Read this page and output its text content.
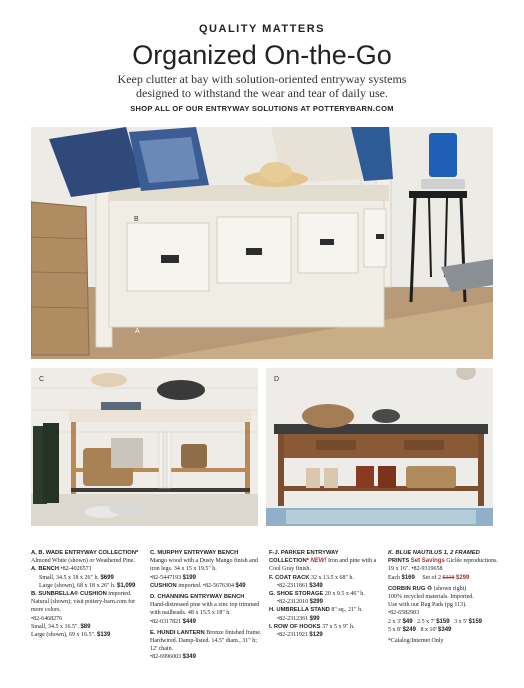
QUALITY MATTERS
Organized On-the-Go
Keep clutter at bay with solution-oriented entryway systems
designed to withstand the wear and tear of daily use.
SHOP ALL OF OUR ENTRYWAY SOLUTIONS AT POTTERYBARN.COM
B
A
C	D
A, B. WADE ENTRYWAY COLLECTION*
Almond White (shown) or Weathered Pine.
A. BENCH •82-4026571
Small, 34.5 x 18 x 26" h. $699
Large (shown), 68 x 18 x 26" h. $1,099
B. SUNBRELLA® CUSHION imported.
Natural (shown); visit pottery-barn.com for more colors.
•82-6468276
Small, 34.5 x 16.5". $89
Large (shown), 69 x 16.5". $139
C. MURPHY ENTRYWAY BENCH
Mango wood with a Dusty Mango finish and iron legs. 34 x 15 x 19.5" h.
•82-5447193 $199
CUSHION imported. •82-5676304 $49
D. CHANNING ENTRYWAY BENCH
Hand-distressed pine with a zinc top trimmed with nailheads. 48 x 15.5 x 18" h.
•82-0317821 $449
E. HUNDI LANTERN Bronze finished frame. Hardwired. Damp-listed. 14.5" diam., 31" h; 12' chain.
•82-6996003 $349
F-J. PARKER ENTRYWAY
COLLECTION* NEW! Iron and pine with a Cool Gray finish.
F. COAT RACK 32 x 13.5 x 68" h.
•82-2311861 $349
G. SHOE STORAGE 20 x 9.5 x 46" h.
•82-2312010 $299
H. UMBRELLA STAND 8" sq., 21" h.
•82-2312361 $99
I. ROW OF HOOKS 37 x 5 x 9" h.
•82-2311921 $129
K. BLUE NAUTILUS 1, 2 FRAMED
PRINTS Set Savings Giclée reproductions. 19 x 16". •82-9319658
Each $169 Set of 2 $338 $299
CORBIN RUG ♻ (shown right)
100% recycled materials. Imported.
Use with our Rug Pads (pg 113).
•82-6582903
2 x 3' $49 2.5 x 7' $159 3 x 5' $159
5 x 8' $249 8 x 10' $349
*Catalog/Internet Only
